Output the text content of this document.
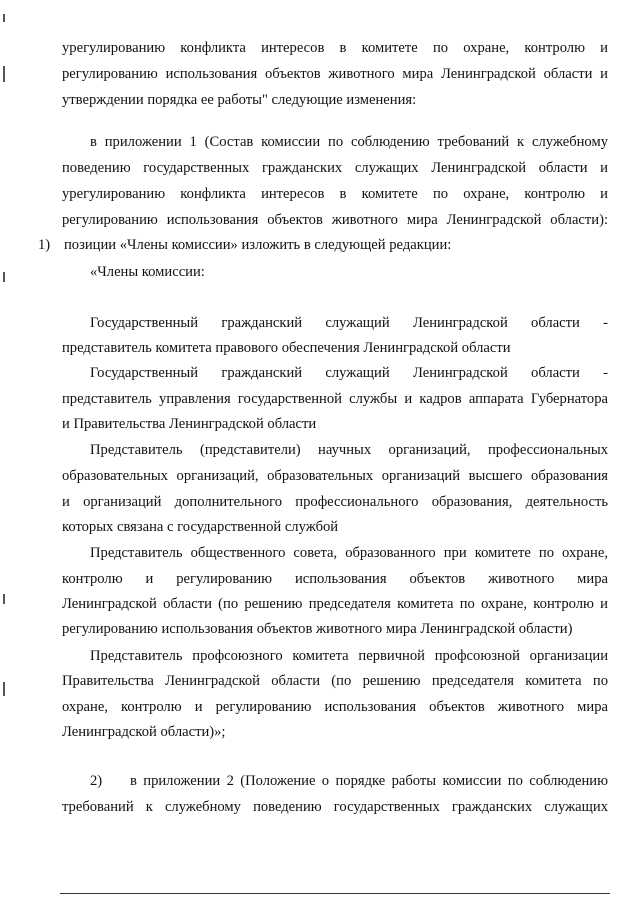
урегулированию конфликта интересов в комитете по охране, контролю и
регулированию использования объектов животного мира Ленинградской области и
утверждении порядка ее работы" следующие изменения:
в приложении 1 (Состав комиссии по соблюдению требований к служебному
поведению государственных гражданских служащих Ленинградской области и
урегулированию конфликта интересов в комитете по охране, контролю и
регулированию использования объектов животного мира Ленинградской области):
1) позиции «Члены комиссии» изложить в следующей редакции:
«Члены комиссии:
Государственный гражданский служащий Ленинградской области -
представитель комитета правового обеспечения Ленинградской области
Государственный гражданский служащий Ленинградской области -
представитель управления государственной службы и кадров аппарата Губернатора
и Правительства Ленинградской области
Представитель (представители) научных организаций, профессиональных
образовательных организаций, образовательных организаций высшего образования
и организаций дополнительного профессионального образования, деятельность
которых связана с государственной службой
Представитель общественного совета, образованного при комитете по охране,
контролю и регулированию использования объектов животного мира
Ленинградской области (по решению председателя комитета по охране, контролю и
регулированию использования объектов животного мира Ленинградской области)
Представитель профсоюзного комитета первичной профсоюзной организации
Правительства Ленинградской области (по решению председателя комитета по
охране, контролю и регулированию использования объектов животного мира
Ленинградской области)»;
2) в приложении 2 (Положение о порядке работы комиссии по соблюдению
требований к служебному поведению государственных гражданских служащих
